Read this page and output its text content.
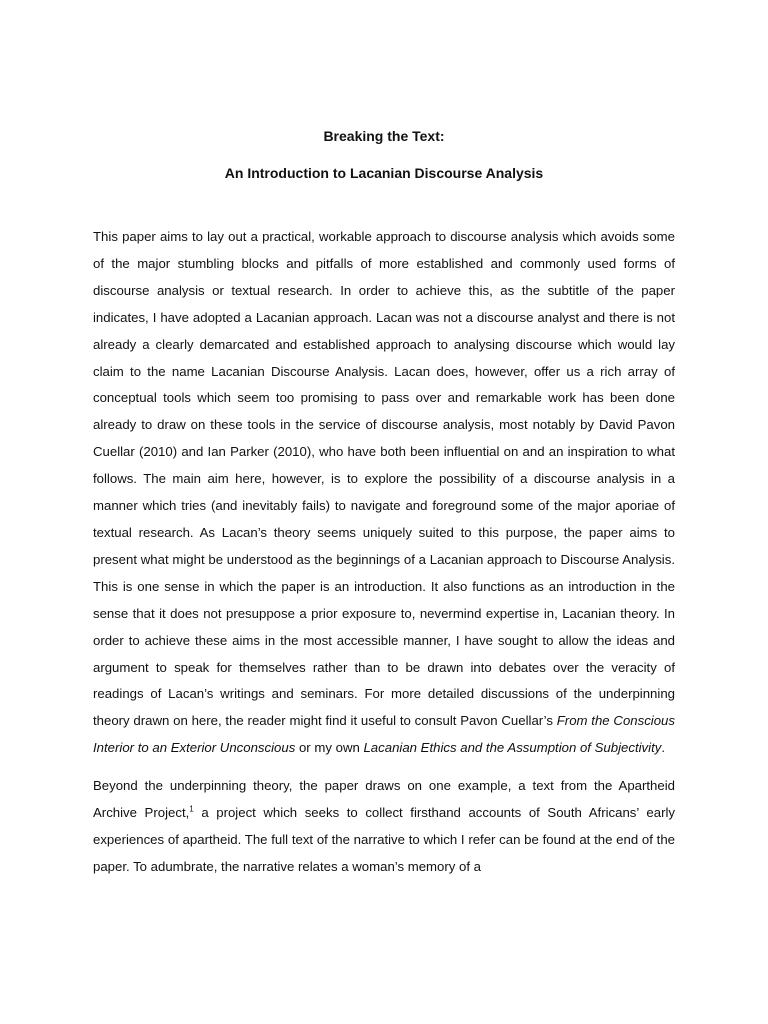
Breaking the Text:
An Introduction to Lacanian Discourse Analysis

This paper aims to lay out a practical, workable approach to discourse analysis which avoids some of the major stumbling blocks and pitfalls of more established and commonly used forms of discourse analysis or textual research. In order to achieve this, as the subtitle of the paper indicates, I have adopted a Lacanian approach. Lacan was not a discourse analyst and there is not already a clearly demarcated and established approach to analysing discourse which would lay claim to the name Lacanian Discourse Analysis. Lacan does, however, offer us a rich array of conceptual tools which seem too promising to pass over and remarkable work has been done already to draw on these tools in the service of discourse analysis, most notably by David Pavon Cuellar (2010) and Ian Parker (2010), who have both been influential on and an inspiration to what follows. The main aim here, however, is to explore the possibility of a discourse analysis in a manner which tries (and inevitably fails) to navigate and foreground some of the major aporiae of textual research. As Lacan’s theory seems uniquely suited to this purpose, the paper aims to present what might be understood as the beginnings of a Lacanian approach to Discourse Analysis. This is one sense in which the paper is an introduction. It also functions as an introduction in the sense that it does not presuppose a prior exposure to, nevermind expertise in, Lacanian theory. In order to achieve these aims in the most accessible manner, I have sought to allow the ideas and argument to speak for themselves rather than to be drawn into debates over the veracity of readings of Lacan’s writings and seminars. For more detailed discussions of the underpinning theory drawn on here, the reader might find it useful to consult Pavon Cuellar’s From the Conscious Interior to an Exterior Unconscious or my own Lacanian Ethics and the Assumption of Subjectivity.

Beyond the underpinning theory, the paper draws on one example, a text from the Apartheid Archive Project,$^1$ a project which seeks to collect firsthand accounts of South Africans’ early experiences of apartheid. The full text of the narrative to which I refer can be found at the end of the paper. To adumbrate, the narrative relates a woman’s memory of a
